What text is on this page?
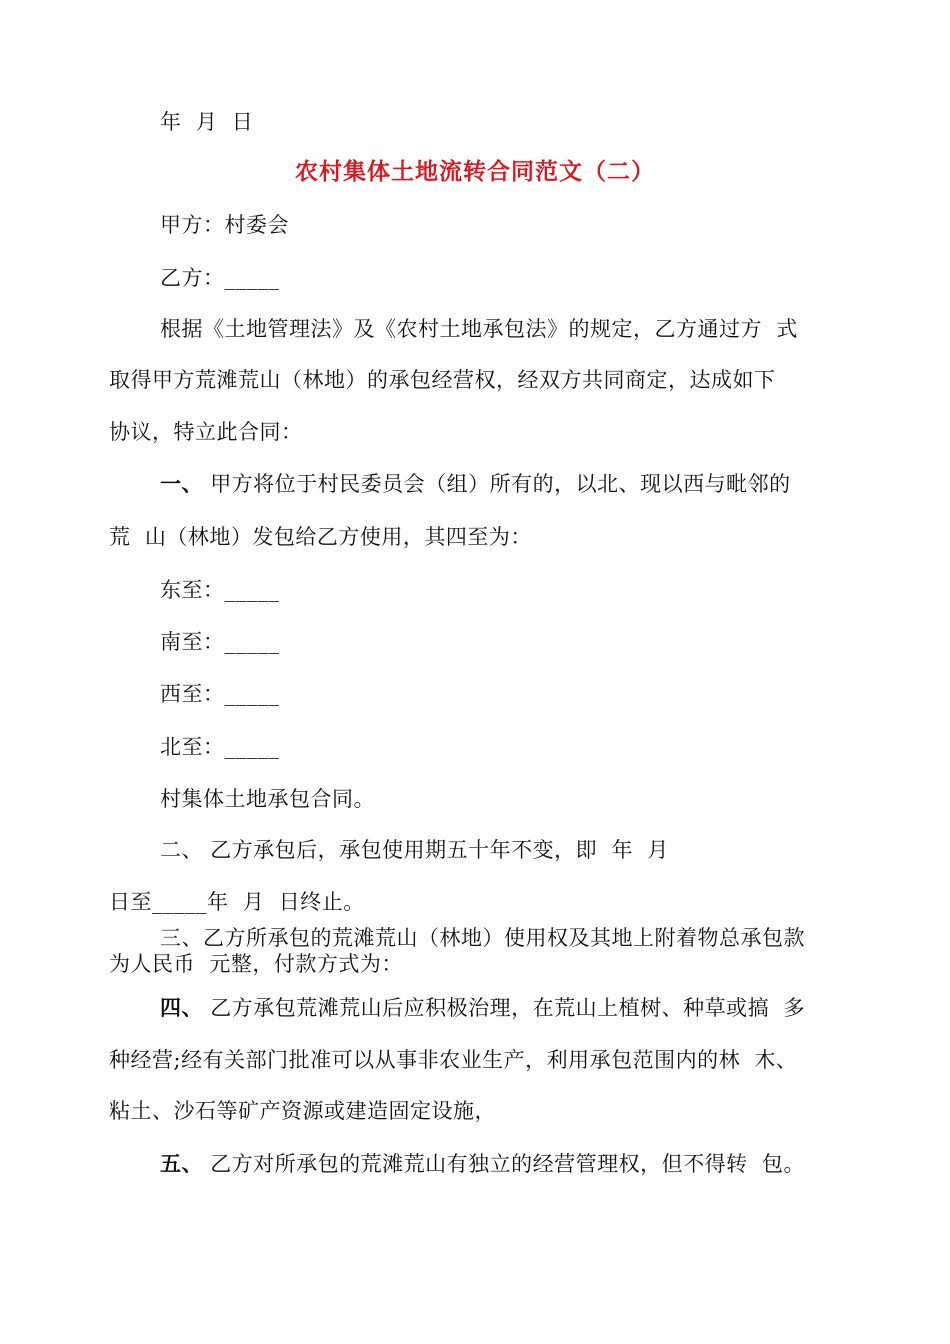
年  月  日
农村集体土地流转合同范文（二）
甲方：村委会
乙方：_____
根据《土地管理法》及《农村土地承包法》的规定，乙方通过方  式
取得甲方荒滩荒山（林地）的承包经营权，经双方共同商定，达成如下
协议，特立此合同：
一、 甲方将位于村民委员会（组）所有的，以北、现以西与毗邻的
荒  山（林地）发包给乙方使用，其四至为：
东至：_____
南至：_____
西至：_____
北至：_____
村集体土地承包合同。
二、 乙方承包后，承包使用期五十年不变，即  年  月
日至_____年  月  日终止。
三、乙方所承包的荒滩荒山（林地）使用权及其地上附着物总承包款
为人民币  元整，付款方式为：
四、 乙方承包荒滩荒山后应积极治理，在荒山上植树、种草或搞  多
种经营;经有关部门批准可以从事非农业生产，利用承包范围内的林  木、
粘土、沙石等矿产资源或建造固定设施，
五、 乙方对所承包的荒滩荒山有独立的经营管理权，但不得转  包。
